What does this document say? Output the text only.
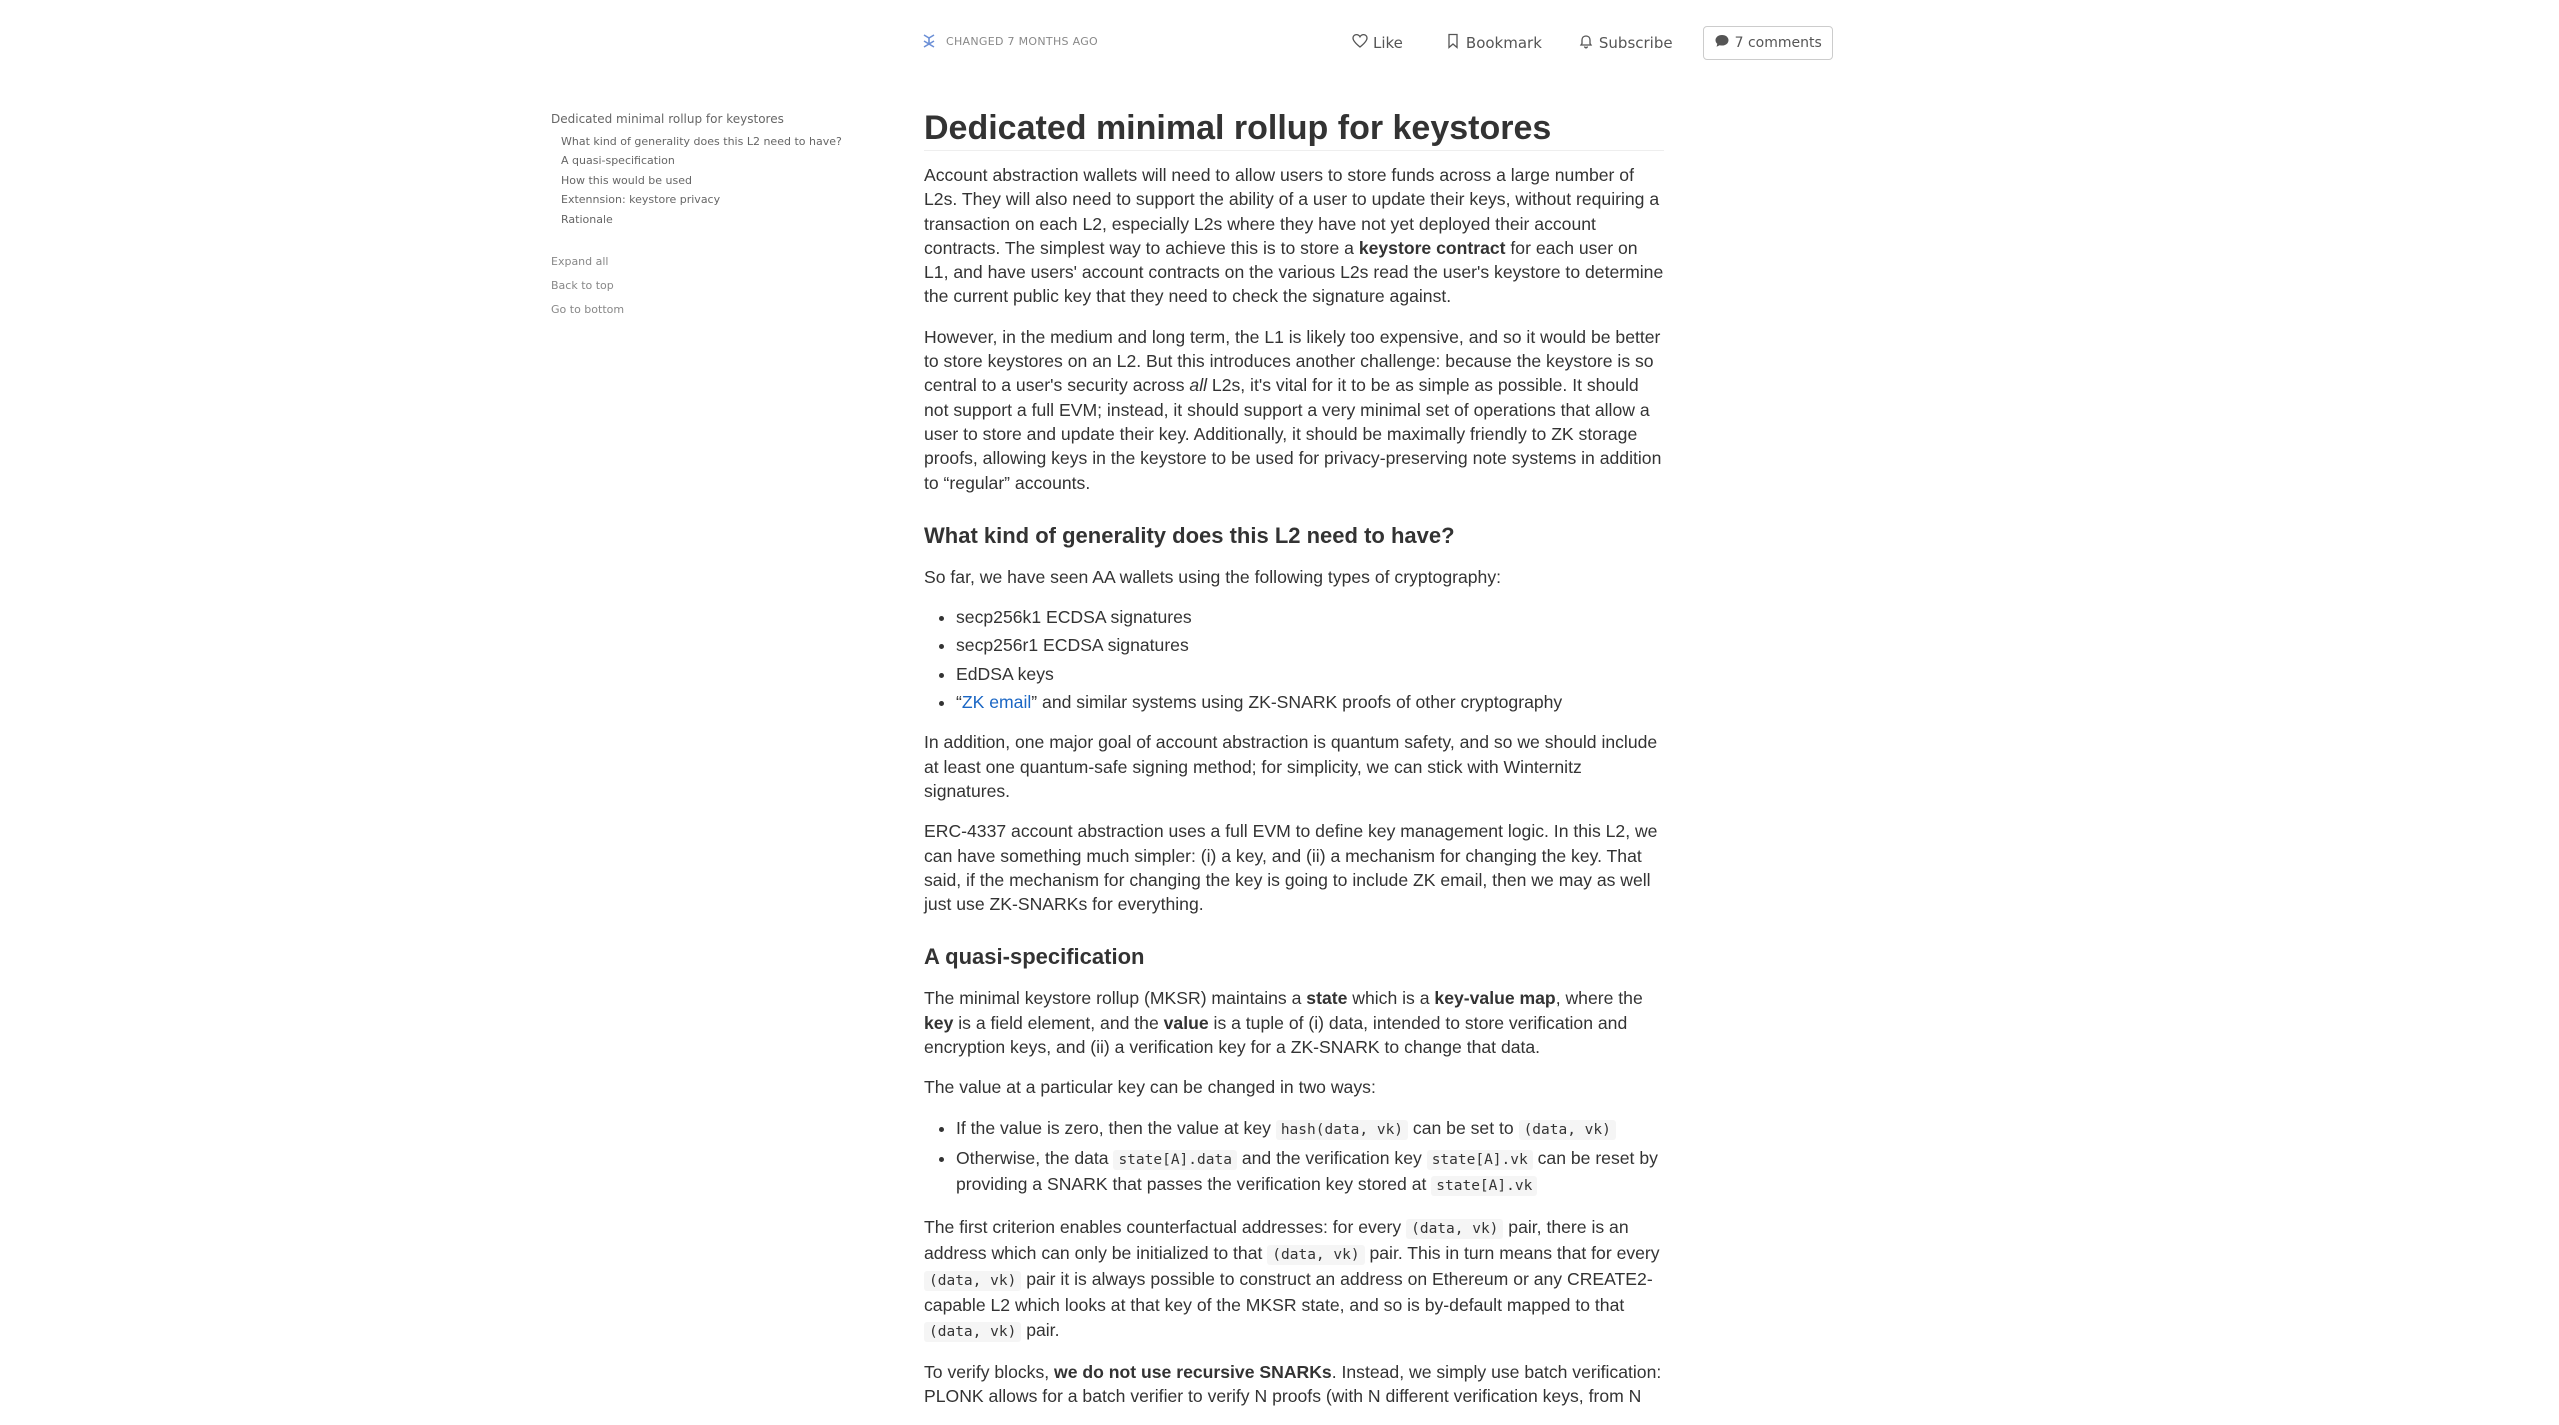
CHANGED 7 MONTHS AGO	Like	Bookmark	Subscribe	7 comments
Dedicated minimal rollup for keystores
What kind of generality does this L2 need to have?
A quasi-specification
How this would be used
Extennsion: keystore privacy
Rationale
Expand all
Back to top
Go to bottom
Dedicated minimal rollup for keystores

Account abstraction wallets will need to allow users to store funds across a large number of L2s. They will also need to support the ability of a user to update their keys, without requiring a transaction on each L2, especially L2s where they have not yet deployed their account contracts. The simplest way to achieve this is to store a keystore contract for each user on L1, and have users' account contracts on the various L2s read the user's keystore to determine the current public key that they need to check the signature against.

However, in the medium and long term, the L1 is likely too expensive, and so it would be better to store keystores on an L2. But this introduces another challenge: because the keystore is so central to a user's security across all L2s, it's vital for it to be as simple as possible. It should not support a full EVM; instead, it should support a very minimal set of operations that allow a user to store and update their key. Additionally, it should be maximally friendly to ZK storage proofs, allowing keys in the keystore to be used for privacy-preserving note systems in addition to “regular” accounts.

What kind of generality does this L2 need to have?

So far, we have seen AA wallets using the following types of cryptography:

• secp256k1 ECDSA signatures
• secp256r1 ECDSA signatures
• EdDSA keys
• “ZK email” and similar systems using ZK-SNARK proofs of other cryptography

In addition, one major goal of account abstraction is quantum safety, and so we should include at least one quantum-safe signing method; for simplicity, we can stick with Winternitz signatures.

ERC-4337 account abstraction uses a full EVM to define key management logic. In this L2, we can have something much simpler: (i) a key, and (ii) a mechanism for changing the key. That said, if the mechanism for changing the key is going to include ZK email, then we may as well just use ZK-SNARKs for everything.

A quasi-specification

The minimal keystore rollup (MKSR) maintains a state which is a key-value map, where the key is a field element, and the value is a tuple of (i) data, intended to store verification and encryption keys, and (ii) a verification key for a ZK-SNARK to change that data.

The value at a particular key can be changed in two ways:

• If the value is zero, then the value at key hash(data, vk) can be set to (data, vk)
• Otherwise, the data state[A].data and the verification key state[A].vk can be reset by providing a SNARK that passes the verification key stored at state[A].vk

The first criterion enables counterfactual addresses: for every (data, vk) pair, there is an address which can only be initialized to that (data, vk) pair. This in turn means that for every (data, vk) pair it is always possible to construct an address on Ethereum or any CREATE2-capable L2 which looks at that key of the MKSR state, and so is by-default mapped to that (data, vk) pair.

To verify blocks, we do not use recursive SNARKs. Instead, we simply use batch verification: PLONK allows for a batch verifier to verify N proofs (with N different verification keys, from N
